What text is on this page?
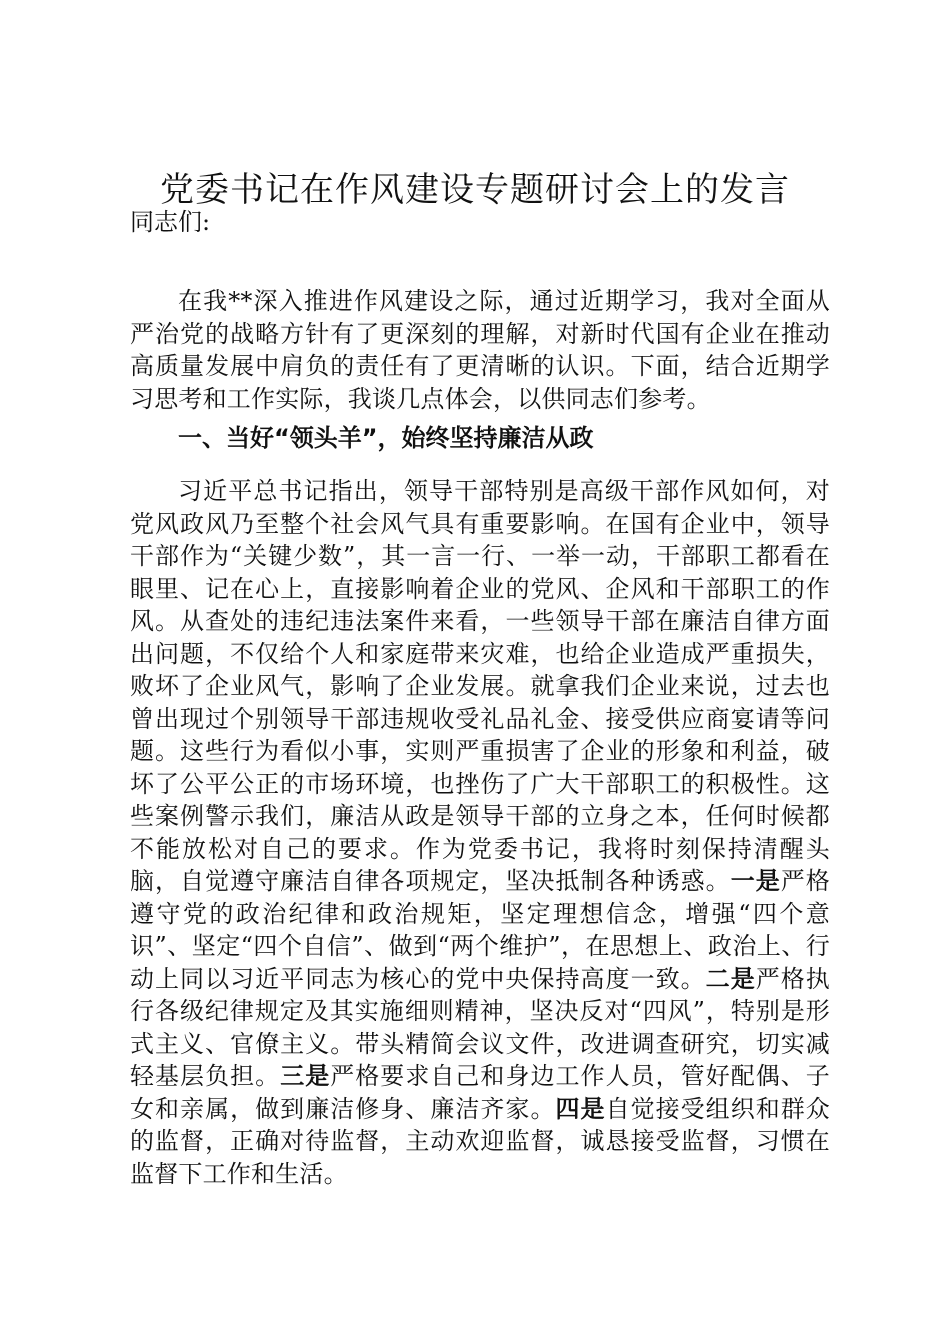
党委书记在作风建设专题研讨会上的发言

同志们:

在我**深入推进作风建设之际，通过近期学习，我对全面从严治党的战略方针有了更深刻的理解，对新时代国有企业在推动高质量发展中肩负的责任有了更清晰的认识。下面，结合近期学习思考和工作实际，我谈几点体会，以供同志们参考。

一、当好“领头羊”，始终坚持廉洁从政

习近平总书记指出，领导干部特别是高级干部作风如何，对党风政风乃至整个社会风气具有重要影响。在国有企业中，领导干部作为“关键少数”，其一言一行、一举一动，干部职工都看在眼里、记在心上，直接影响着企业的党风、企风和干部职工的作风。从查处的违纪违法案件来看，一些领导干部在廉洁自律方面出问题，不仅给个人和家庭带来灾难，也给企业造成严重损失，败坏了企业风气，影响了企业发展。就拿我们企业来说，过去也曾出现过个别领导干部违规收受礼品礼金、接受供应商宴请等问题。这些行为看似小事，实则严重损害了企业的形象和利益，破坏了公平公正的市场环境，也挫伤了广大干部职工的积极性。这些案例警示我们，廉洁从政是领导干部的立身之本，任何时候都不能放松对自己的要求。作为党委书记，我将时刻保持清醒头脑，自觉遵守廉洁自律各项规定，坚决抵制各种诱惑。一是严格遵守党的政治纪律和政治规矩，坚定理想信念，增强“四个意识”、坚定“四个自信”、做到“两个维护”，在思想上、政治上、行动上同以习近平同志为核心的党中央保持高度一致。二是严格执行各级纪律规定及其实施细则精神，坚决反对“四风”，特别是形式主义、官僚主义。带头精简会议文件，改进调查研究，切实减轻基层负担。三是严格要求自己和身边工作人员，管好配偶、子女和亲属，做到廉洁修身、廉洁齐家。四是自觉接受组织和群众的监督，正确对待监督，主动欢迎监督，诚恳接受监督，习惯在监督下工作和生活。
